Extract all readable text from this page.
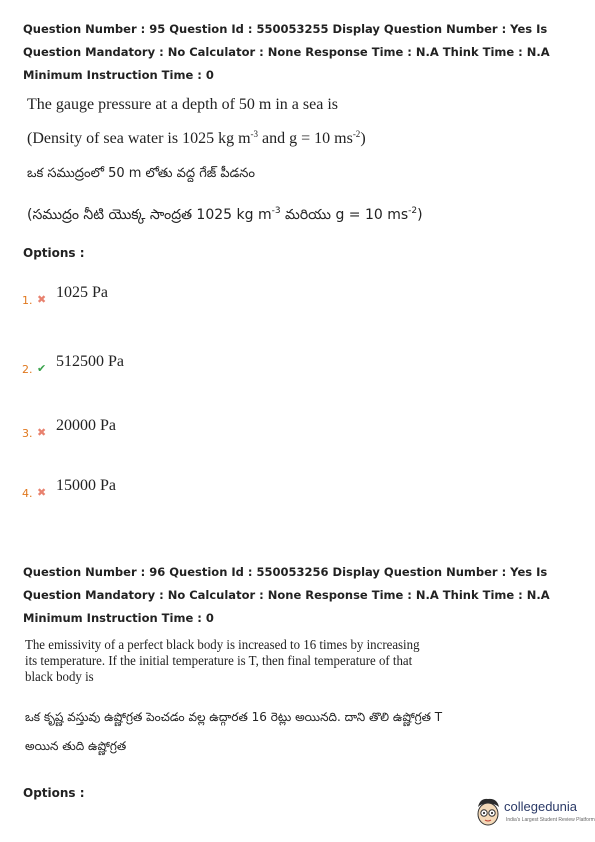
Question Number : 95 Question Id : 550053255 Display Question Number : Yes Is Question Mandatory : No Calculator : None Response Time : N.A Think Time : N.A Minimum Instruction Time : 0
The gauge pressure at a depth of 50 m in a sea is
(Density of sea water is 1025 kg $m^{-3}$ and g = 10 $ms^{-2}$)
ఒక సముద్రంలో 50 m లోతు వద్ద గేజ్ పీడనం
(సముద్రం నీటి యొక్క సాంద్రత 1025 kg $m^{-3}$ మరియు g = 10 $ms^{-2}$)
Options :
1. ✖ 1025 Pa
2. ✔ 512500 Pa
3. ✖ 20000 Pa
4. ✖ 15000 Pa
Question Number : 96 Question Id : 550053256 Display Question Number : Yes Is Question Mandatory : No Calculator : None Response Time : N.A Think Time : N.A Minimum Instruction Time : 0
The emissivity of a perfect black body is increased to 16 times by increasing its temperature. If the initial temperature is T, then final temperature of that black body is
ఒక కృష్ణ వస్తువు ఉష్ణోగ్రత పెంచడం వల్ల ఉద్గారత 16 రెట్లు అయినది. దాని తొలి ఉష్ణోగ్రత T
అయిన తుది ఉష్ణోగ్రత
Options :
collegedunia
India's Largest Student Review Platform
